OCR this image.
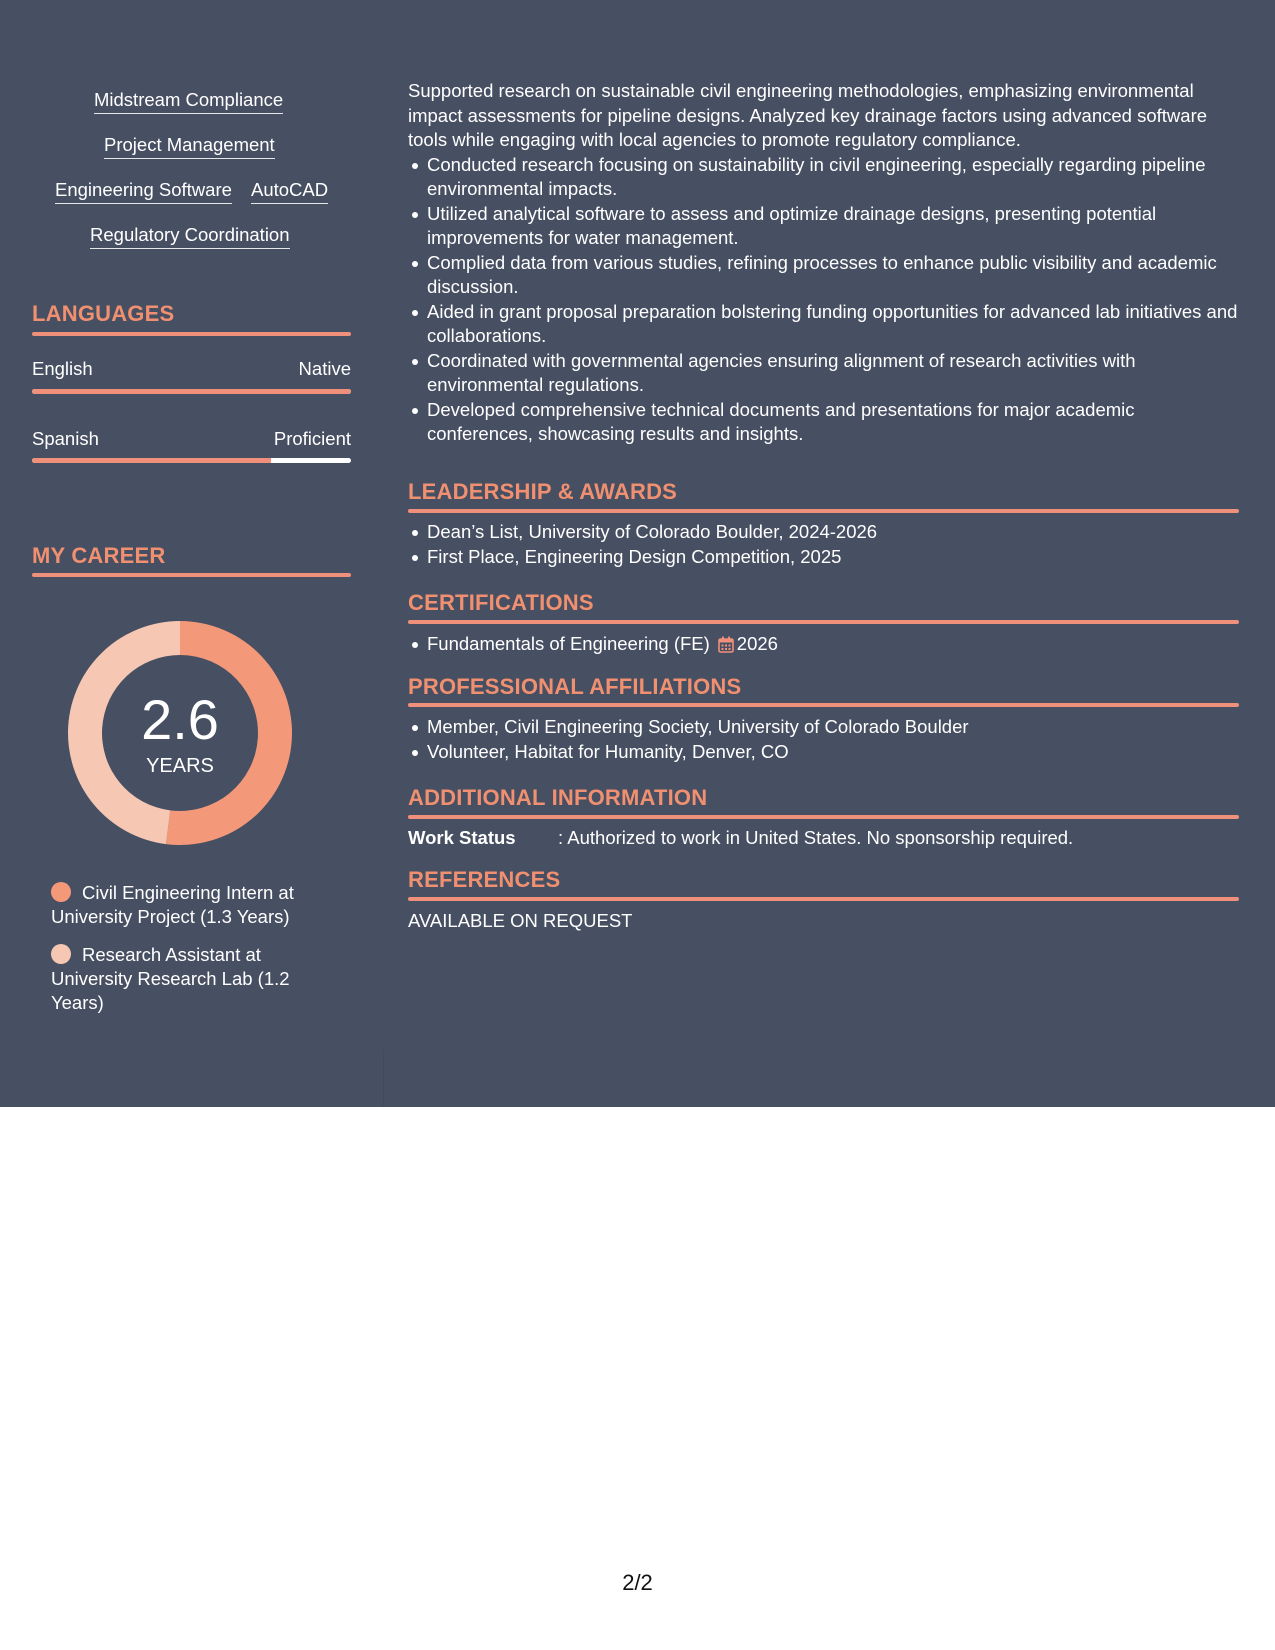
Midstream Compliance
Project Management
Engineering Software AutoCAD
Regulatory Coordination
LANGUAGES
English	Native
Spanish	Proficient
MY CAREER
2.6
YEARS
Civil Engineering Intern at University Project (1.3 Years)
Research Assistant at University Research Lab (1.2 Years)
Supported research on sustainable civil engineering methodologies, emphasizing environmental impact assessments for pipeline designs. Analyzed key drainage factors using advanced software tools while engaging with local agencies to promote regulatory compliance.
Conducted research focusing on sustainability in civil engineering, especially regarding pipeline environmental impacts.
Utilized analytical software to assess and optimize drainage designs, presenting potential improvements for water management.
Complied data from various studies, refining processes to enhance public visibility and academic discussion.
Aided in grant proposal preparation bolstering funding opportunities for advanced lab initiatives and collaborations.
Coordinated with governmental agencies ensuring alignment of research activities with environmental regulations.
Developed comprehensive technical documents and presentations for major academic conferences, showcasing results and insights.
LEADERSHIP & AWARDS
Dean’s List, University of Colorado Boulder, 2024-2026
First Place, Engineering Design Competition, 2025
CERTIFICATIONS
Fundamentals of Engineering (FE) 2026
PROFESSIONAL AFFILIATIONS
Member, Civil Engineering Society, University of Colorado Boulder
Volunteer, Habitat for Humanity, Denver, CO
ADDITIONAL INFORMATION
Work Status : Authorized to work in United States. No sponsorship required.
REFERENCES
AVAILABLE ON REQUEST
2/2
